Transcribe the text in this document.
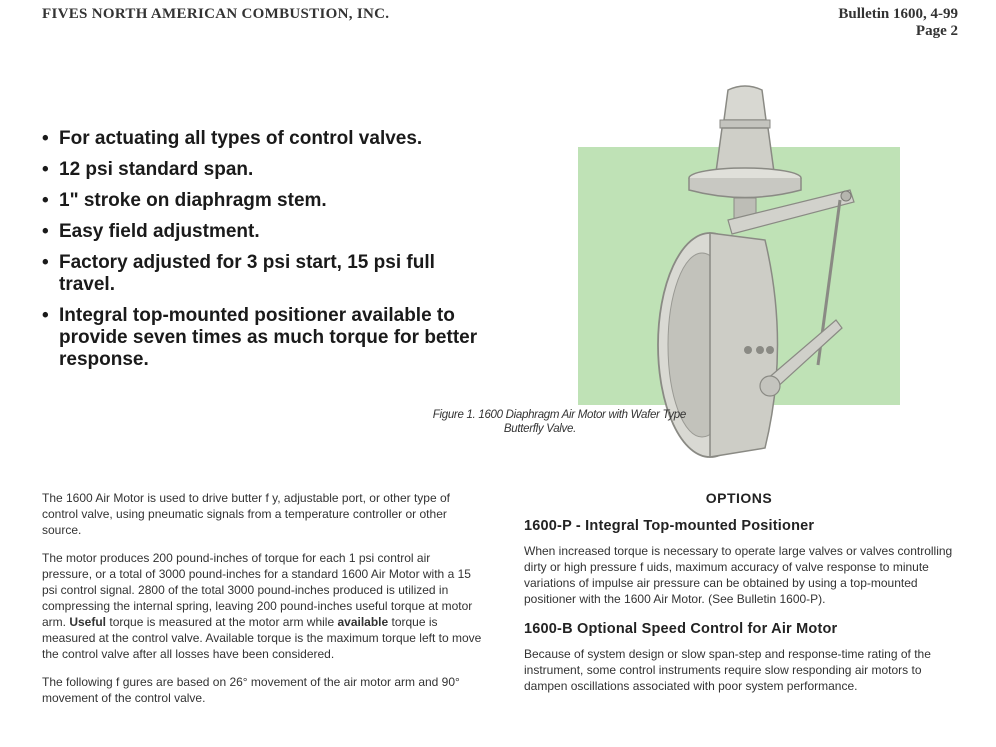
FIVES NORTH AMERICAN COMBUSTION, INC.	Bulletin 1600, 4-99
Page 2
• For actuating all types of control valves.
• 12 psi standard span.
• 1" stroke on diaphragm stem.
• Easy field adjustment.
• Factory adjusted for 3 psi start, 15 psi full travel.
• Integral top-mounted positioner available to provide seven times as much torque for better response.
Figure 1. 1600 Diaphragm Air Motor with Wafer Type
Butterfly Valve.

The 1600 Air Motor is used to drive butter f y, adjustable port, or other type of control valve, using pneumatic signals from a temperature controller or other source.

The motor produces 200 pound-inches of torque for each 1 psi control air pressure, or a total of 3000 pound-inches for a standard 1600 Air Motor with a 15 psi control signal. 2800 of the total 3000 pound-inches produced is utilized in compressing the internal spring, leaving 200 pound-inches useful torque at motor arm. Useful torque is measured at the motor arm while available torque is measured at the control valve. Available torque is the maximum torque left to move the control valve after all losses have been considered.

The following f gures are based on 26° movement of the air motor arm and 90° movement of the control valve.

OPTIONS
1600-P - Integral Top-mounted Positioner

When increased torque is necessary to operate large valves or valves controlling dirty or high pressure f uids, maximum accuracy of valve response to minute variations of impulse air pressure can be obtained by using a top-mounted positioner with the 1600 Air Motor. (See Bulletin 1600-P).

1600-B Optional Speed Control for Air Motor

Because of system design or slow span-step and response-time rating of the instrument, some control instruments require slow responding air motors to dampen oscillations associated with poor system performance.
